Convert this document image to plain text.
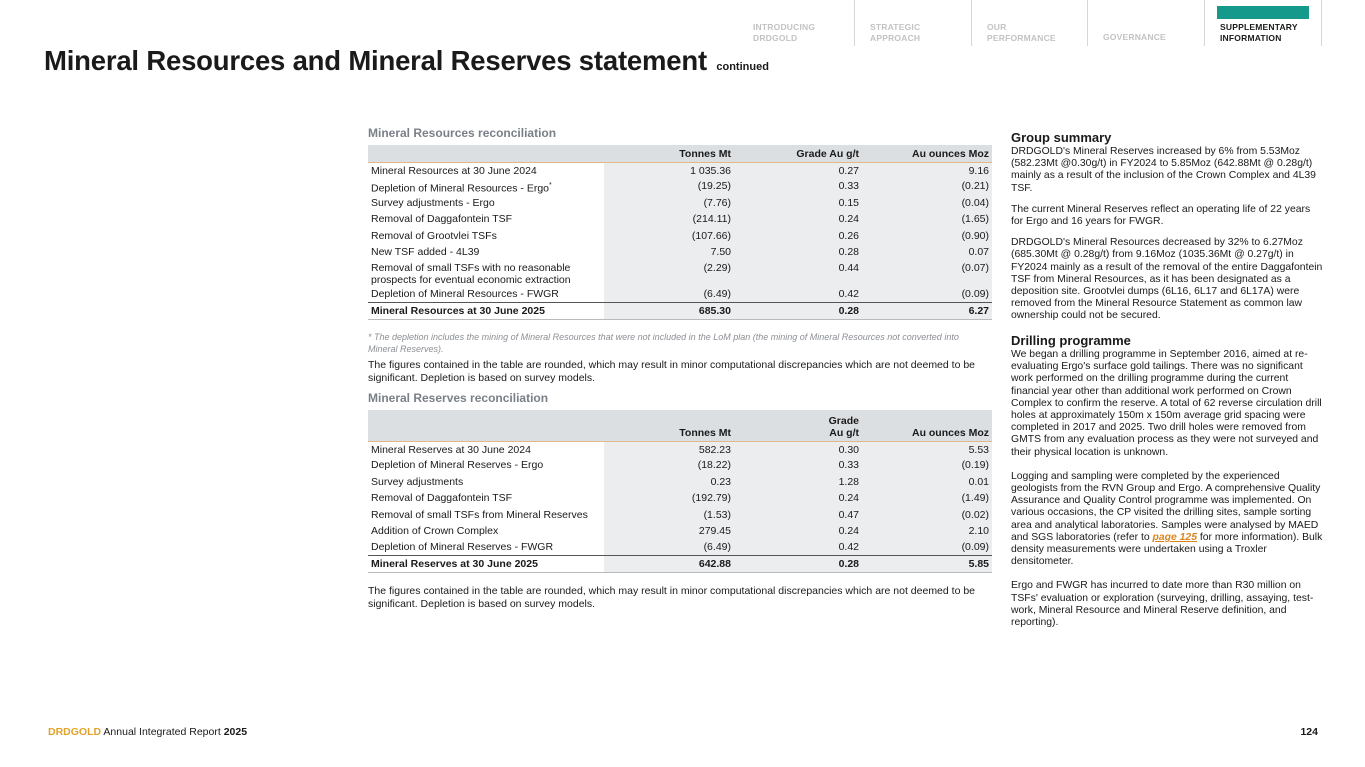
INTRODUCING DRDGOLD
STRATEGIC APPROACH
OUR PERFORMANCE	GOVERNANCE
SUPPLEMENTARY INFORMATION
Mineral Resources and Mineral Reserves statement continued
Mineral Resources reconciliation
	Tonnes Mt	Grade Au g/t	Au ounces Moz
Mineral Resources at 30 June 2024	1 035.36	0.27	9.16
Depletion of Mineral Resources - Ergo*	(19.25)	0.33	(0.21)
Survey adjustments - Ergo	(7.76)	0.15	(0.04)
Removal of Daggafontein TSF	(214.11)	0.24	(1.65)
Removal of Grootvlei TSFs	(107.66)	0.26	(0.90)
New TSF added - 4L39	7.50	0.28	0.07
Removal of small TSFs with no reasonable prospects for eventual economic extraction	(2.29)	0.44	(0.07)
Depletion of Mineral Resources - FWGR	(6.49)	0.42	(0.09)
Mineral Resources at 30 June 2025	685.30	0.28	6.27
* The depletion includes the mining of Mineral Resources that were not included in the LoM plan (the mining of Mineral Resources not converted into Mineral Reserves).
The figures contained in the table are rounded, which may result in minor computational discrepancies which are not deemed to be significant. Depletion is based on survey models.
Mineral Reserves reconciliation
	Tonnes Mt	Grade Au g/t	Au ounces Moz
Mineral Reserves at 30 June 2024	582.23	0.30	5.53
Depletion of Mineral Reserves - Ergo	(18.22)	0.33	(0.19)
Survey adjustments	0.23	1.28	0.01
Removal of Daggafontein TSF	(192.79)	0.24	(1.49)
Removal of small TSFs from Mineral Reserves	(1.53)	0.47	(0.02)
Addition of Crown Complex	279.45	0.24	2.10
Depletion of Mineral Reserves - FWGR	(6.49)	0.42	(0.09)
Mineral Reserves at 30 June 2025	642.88	0.28	5.85
The figures contained in the table are rounded, which may result in minor computational discrepancies which are not deemed to be significant. Depletion is based on survey models.
Group summary

DRDGOLD's Mineral Reserves increased by 6% from 5.53Moz (582.23Mt @0.30g/t) in FY2024 to 5.85Moz (642.88Mt @ 0.28g/t) mainly as a result of the inclusion of the Crown Complex and 4L39 TSF.

The current Mineral Reserves reflect an operating life of 22 years for Ergo and 16 years for FWGR.

DRDGOLD's Mineral Resources decreased by 32% to 6.27Moz (685.30Mt @ 0.28g/t) from 9.16Moz (1035.36Mt @ 0.27g/t) in FY2024 mainly as a result of the removal of the entire Daggafontein TSF from Mineral Resources, as it has been designated as a deposition site. Grootvlei dumps (6L16, 6L17 and 6L17A) were removed from the Mineral Resource Statement as common law ownership could not be secured.

Drilling programme

We began a drilling programme in September 2016, aimed at re-evaluating Ergo's surface gold tailings. There was no significant work performed on the drilling programme during the current financial year other than additional work performed on Crown Complex to confirm the reserve. A total of 62 reverse circulation drill holes at approximately 150m x 150m average grid spacing were completed in 2017 and 2025. Two drill holes were removed from GMTS from any evaluation process as they were not surveyed and their physical location is unknown.

Logging and sampling were completed by the experienced geologists from the RVN Group and Ergo. A comprehensive Quality Assurance and Quality Control programme was implemented. On various occasions, the CP visited the drilling sites, sample sorting area and analytical laboratories. Samples were analysed by MAED and SGS laboratories (refer to page 125 for more information). Bulk density measurements were undertaken using a Troxler densitometer.

Ergo and FWGR has incurred to date more than R30 million on TSFs' evaluation or exploration (surveying, drilling, assaying, test-work, Mineral Resource and Mineral Reserve definition, and reporting).

DRDGOLD Annual Integrated Report 2025	124
